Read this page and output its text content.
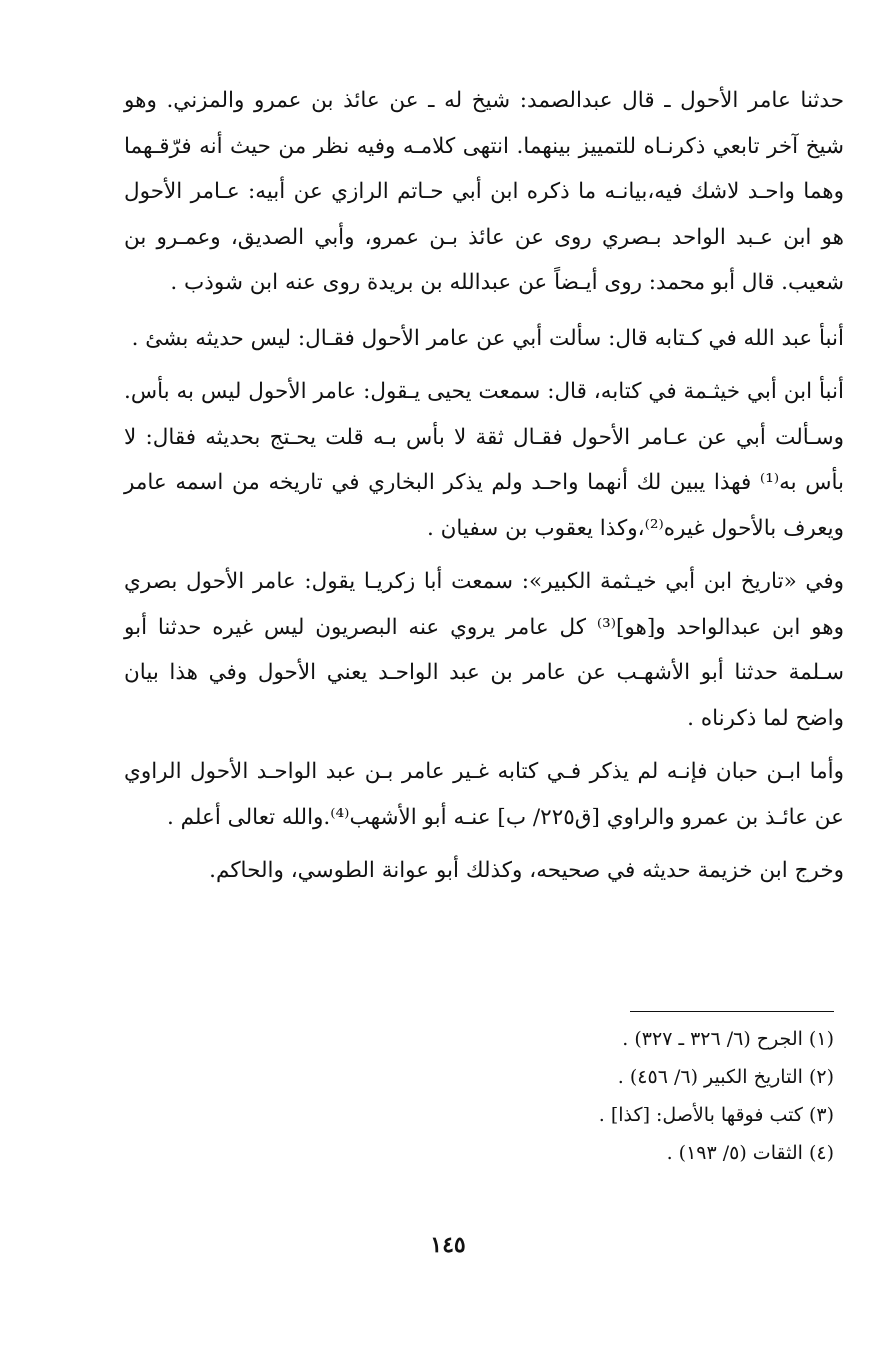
حدثنا عامر الأحول ـ قال عبدالصمد: شيخ له ـ عن عائذ بن عمرو والمزني. وهو شيخ آخر تابعي ذكرنـاه للتمييز بينهما. انتهى كلامـه وفيه نظر من حيث أنه فرّقـهما وهما واحـد لاشك فيه،بيانـه ما ذكره ابن أبي حـاتم الرازي عن أبيه: عـامر الأحول هو ابن عـبد الواحد بـصري روى عن عائذ بـن عمرو، وأبي الصديق، وعمـرو بن شعيب. قال أبو محمد: روى أيـضاً عن عبدالله بن بريدة روى عنه ابن شوذب .

أنبأ عبد الله في كـتابه قال: سألت أبي عن عامر الأحول فقـال: ليس حديثه بشئ .

أنبأ ابن أبي خيثـمة في كتابه، قال: سمعت يحيى يـقول: عامر الأحول ليس به بأس. وسـألت أبي عن عـامر الأحول فقـال ثقة لا بأس بـه قلت يحـتج بحديثه فقال: لا بأس به⁽¹⁾ فهذا يبين لك أنهما واحـد ولم يذكر البخاري في تاريخه من اسمه عامر ويعرف بالأحول غيره⁽²⁾،وكذا يعقوب بن سفيان .

وفي «تاريخ ابن أبي خيـثمة الكبير»: سمعت أبا زكريـا يقول: عامر الأحول بصري وهو ابن عبدالواحد و[هو]⁽³⁾ كل عامر يروي عنه البصريون ليس غيره حدثنا أبو سـلمة حدثنا أبو الأشهـب عن عامر بن عبد الواحـد يعني الأحول وفي هذا بيان واضح لما ذكرناه .

وأما ابـن حبان فإنـه لم يذكر فـي كتابه غـير عامر بـن عبد الواحـد الأحول الراوي عن عائـذ بن عمرو والراوي [ق٢٢٥/ ب] عنـه أبو الأشهب⁽⁴⁾.والله تعالى أعلم .

وخرج ابن خزيمة حديثه في صحيحه، وكذلك أبو عوانة الطوسي، والحاكم.

(١) الجرح (٦/ ٣٢٦ ـ ٣٢٧) .

(٢) التاريخ الكبير (٦/ ٤٥٦) .

(٣) كتب فوقها بالأصل: [كذا] .

(٤) الثقات (٥/ ١٩٣) .

١٤٥
